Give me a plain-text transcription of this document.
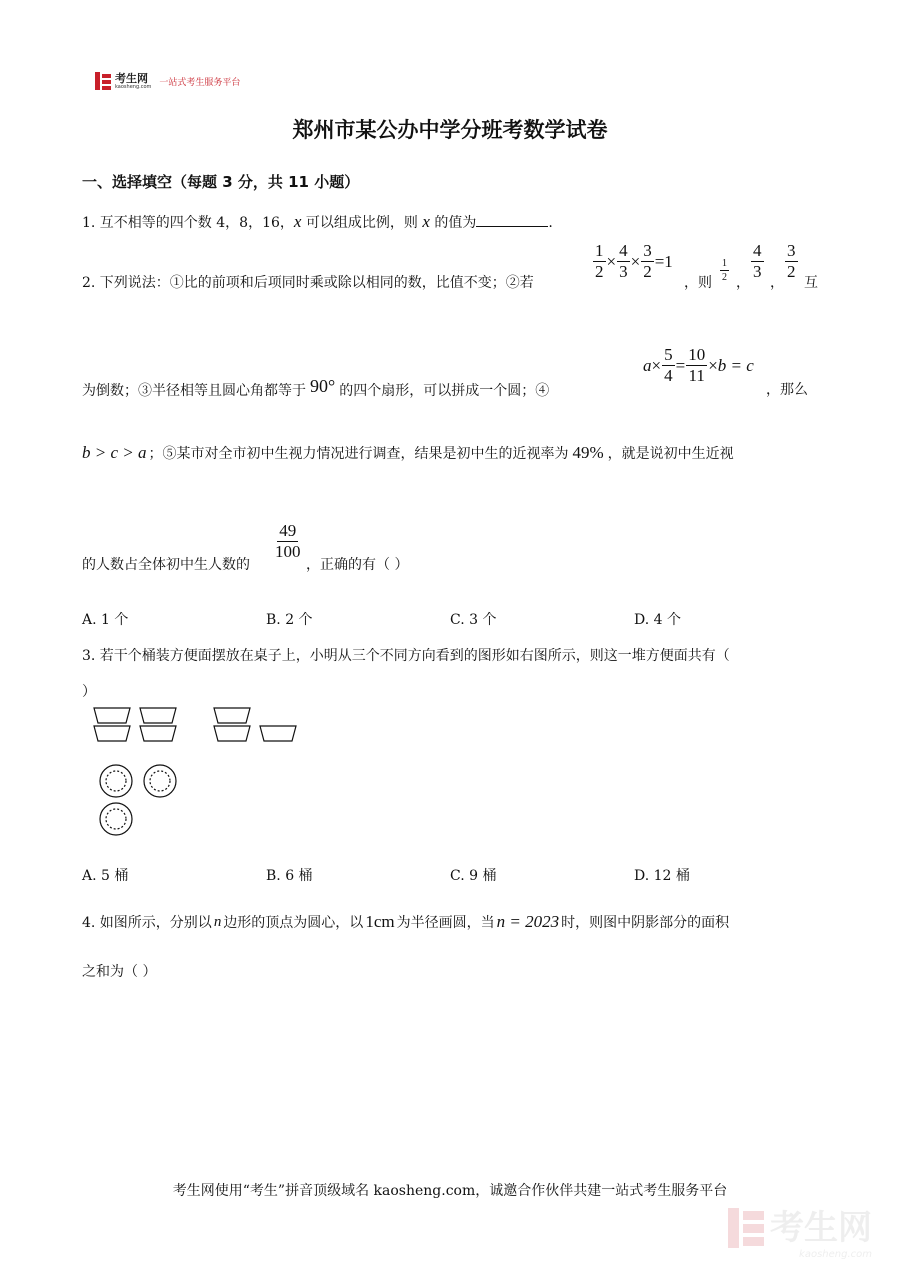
考生网
kaosheng.com 一站式考生服务平台
郑州市某公办中学分班考数学试卷
一、选择填空（每题 3 分，共 11 小题）
1. 互不相等的四个数 4，8，16，x 可以组成比例，则 x 的值为	.
2. 下列说法：①比的前项和后项同时乘或除以相同的数，比值不变；②若
$\frac{1}{2} \times \frac{4}{3} \times \frac{3}{2} =1$
，则 $\frac{1}{2}$ ，
$\frac{4}{3}$
，
$\frac{3}{2}$
互
为倒数；③半径相等且圆心角都等于 90° 的四个扇形，可以拼成一个圆；④
$a \times \frac{5}{4} = \frac{10}{11} \times b = c$
，那么
b > c > a ；⑤某市对全市初中生视力情况进行调查，结果是初中生的近视率为 49% ，就是说初中生近视
的人数占全体初中生人数的
$\frac{49}{100}$
，正确的有（ ）
A. 1 个	B. 2 个	C. 3 个	D. 4 个
3. 若干个桶装方便面摆放在桌子上，小明从三个不同方向看到的图形如右图所示，则这一堆方便面共有（
）
A. 5 桶	B. 6 桶	C. 9 桶	D. 12 桶
4. 如图所示，分别以 n 边形的顶点为圆心，以 1cm 为半径画圆，当 n = 2023 时，则图中阴影部分的面积
之和为（ ）
考生网使用“考生”拼音顶级域名 kaosheng.com，诚邀合作伙伴共建一站式考生服务平台
考生网
kaosheng.com
